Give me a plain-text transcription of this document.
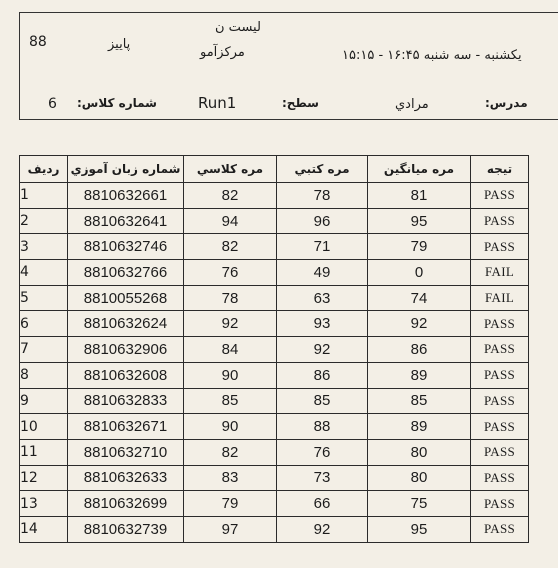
لیست ن
88	پاییز
مرکزآمو	یکشنبه - سه شنبه ۱۶:۴۵ - ۱۵:۱۵
6 شماره کلاس:	Run1	سطح:	مرادي	مدرس:
ردیف	شماره زبان آموزي	مره کلاسي	مره کتبي	مره میانگین	تیجه
1	8810632661	82	78	81	PASS
2	8810632641	94	96	95	PASS
3	8810632746	82	71	79	PASS
4	8810632766	76	49	0	FAIL
5	8810055268	78	63	74	FAIL
6	8810632624	92	93	92	PASS
7	8810632906	84	92	86	PASS
8	8810632608	90	86	89	PASS
9	8810632833	85	85	85	PASS
10	8810632671	90	88	89	PASS
11	8810632710	82	76	80	PASS
12	8810632633	83	73	80	PASS
13	8810632699	79	66	75	PASS
14	8810632739	97	92	95	PASS
